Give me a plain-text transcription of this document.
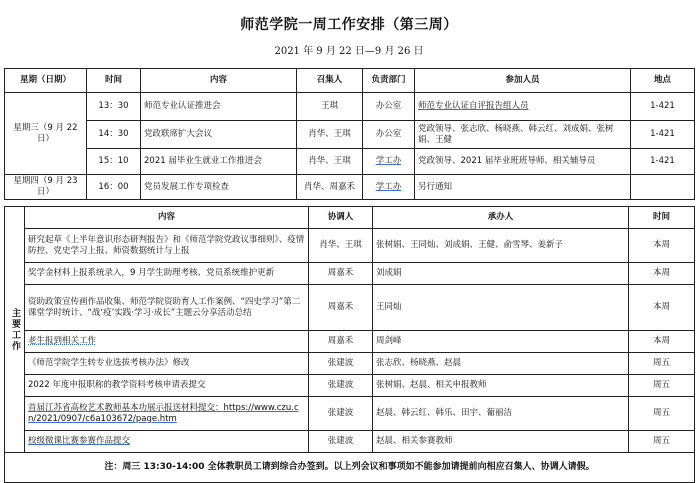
师范学院一周工作安排（第三周）
2021 年 9 月 22 日—9 月 26 日
星期（日期）	时间	内容	召集人	负责部门	参加人员	地点
星期三（9 月 22 日）	13：30	师范专业认证推进会	王琪	办公室	师范专业认证自评报告组人员	1-421
	14：30	党政联席扩大会议	肖华、王琪	办公室	党政领导、张志欣、杨晓燕、韩云红、刘成娟、张树娟、王健	1-421
	15：10	2021 届毕业生就业工作推进会	肖华、王琪	学工办	党政领导、2021 届毕业班班导师、相关辅导员	1-421
星期四（9 月 23 日）	16：00	党员发展工作专项检查	肖华、周嘉禾	学工办	另行通知	
主要工作	内容	协调人	承办人	时间
	研究起草《上半年意识形态研判报告》和《师范学院党政议事细则》、疫情防控、党史学习上报、师资数据统计与上报	肖华、王琪	张树娟、王同灿、刘成娟、王健、俞雪琴、姜新子	本周
	奖学金材料上报系统录入，9 月学生助理考核、党员系统维护更新	周嘉禾	刘成娟	本周
	资助政策宣传画作品收集、师范学院资助育人工作案例、“四史学习”第二课堂学时统计、“战‘疫’实践·学习·成长”主题云分享活动总结	周嘉禾	王同灿	本周
	老生报到相关工作	周嘉禾	周剑峰	本周
	《师范学院学生转专业选拔考核办法》修改	张建波	张志欣、杨晓燕、赵晨	周五
	2022 年度申报职称的教学资料考核申请表提交	张建波	张树娟、赵晨、相关申报教师	周五
	首届江苏省高校艺术教师基本功展示报送材料提交：https://www.czu.cn/2021/0907/c6a103672/page.htm	张建波	赵晨、韩云红、韩乐、田宇、葡丽洁	周五
	校级微课比赛参赛作品提交	张建波	赵晨、相关参赛教师	周五
注：周三 13:30-14:00 全体教职员工请到综合办签到。以上列会议和事项如不能参加请提前向相应召集人、协调人请假。				
